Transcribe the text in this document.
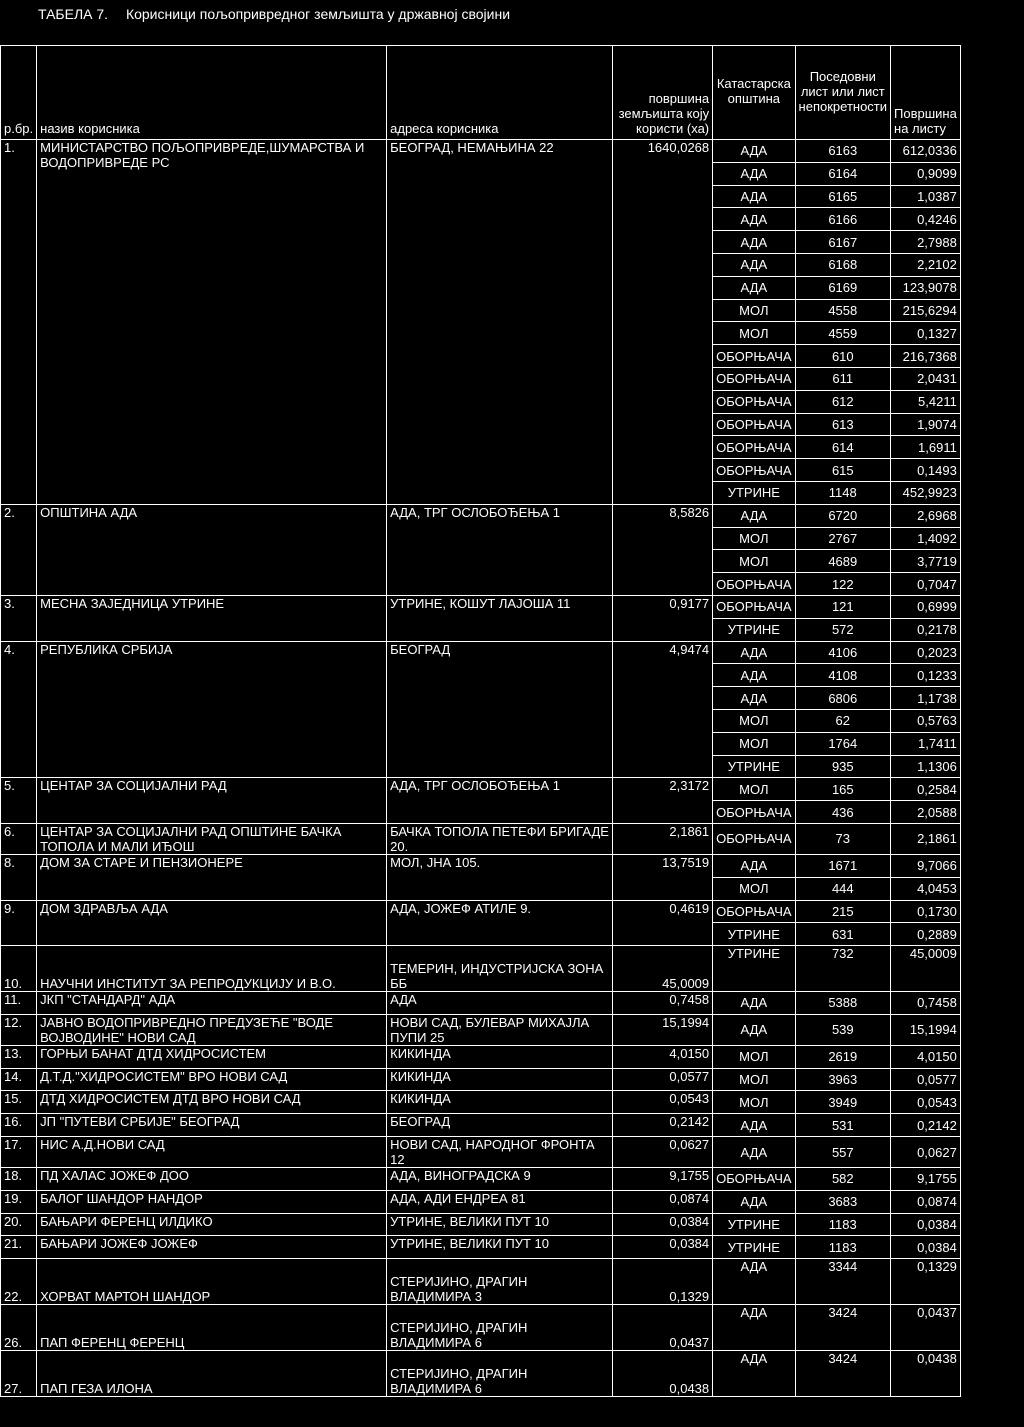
ТАБЕЛА 7. Корисници пољопривредног земљишта у државној својини
р.бр.	назив корисника	адреса корисника	површина земљишта коју користи (ха)	Катастарска општина	Поседовни лист или лист непокретности	Површина на листу
1.	МИНИСТАРСТВО ПОЉОПРИВРЕДЕ,ШУМАРСТВА И ВОДОПРИВРЕДЕ РС	БЕОГРАД, НЕМАЊИНА 22	1640,0268	АДА	6163	612,0336
				АДА	6164	0,9099
				АДА	6165	1,0387
				АДА	6166	0,4246
				АДА	6167	2,7988
				АДА	6168	2,2102
				АДА	6169	123,9078
				МОЛ	4558	215,6294
				МОЛ	4559	0,1327
				ОБОРЊАЧА	610	216,7368
				ОБОРЊАЧА	611	2,0431
				ОБОРЊАЧА	612	5,4211
				ОБОРЊАЧА	613	1,9074
				ОБОРЊАЧА	614	1,6911
				ОБОРЊАЧА	615	0,1493
				УТРИНЕ	1148	452,9923
2.	ОПШТИНА АДА	АДА, ТРГ ОСЛОБОЂЕЊА 1	8,5826	АДА	6720	2,6968
				МОЛ	2767	1,4092
				МОЛ	4689	3,7719
				ОБОРЊАЧА	122	0,7047
3.	МЕСНА ЗАЈЕДНИЦА УТРИНЕ	УТРИНЕ, КОШУТ ЛАЈОША 11	0,9177	ОБОРЊАЧА	121	0,6999
				УТРИНЕ	572	0,2178
4.	РЕПУБЛИКА СРБИЈА	БЕОГРАД	4,9474	АДА	4106	0,2023
				АДА	4108	0,1233
				АДА	6806	1,1738
				МОЛ	62	0,5763
				МОЛ	1764	1,7411
				УТРИНЕ	935	1,1306
5.	ЦЕНТАР ЗА СОЦИЈАЛНИ РАД	АДА, ТРГ ОСЛОБОЂЕЊА 1	2,3172	МОЛ	165	0,2584
				ОБОРЊАЧА	436	2,0588
6.	ЦЕНТАР ЗА СОЦИЈАЛНИ РАД ОПШТИНЕ БАЧКА ТОПОЛА И МАЛИ ИЂОШ	БАЧКА ТОПОЛА ПЕТЕФИ БРИГАДЕ 20.	2,1861	ОБОРЊАЧА	73	2,1861
8.	ДОМ ЗА СТАРЕ И ПЕНЗИОНЕРЕ	МОЛ, ЈНА 105.	13,7519	АДА	1671	9,7066
				МОЛ	444	4,0453
9.	ДОМ ЗДРАВЉА АДА	АДА, ЈОЖЕФ АТИЛЕ 9.	0,4619	ОБОРЊАЧА	215	0,1730
				УТРИНЕ	631	0,2889
10.	НАУЧНИ ИНСТИТУТ ЗА РЕПРОДУКЦИЈУ И В.О.	ТЕМЕРИН, ИНДУСТРИЈСКА ЗОНА ББ	45,0009	УТРИНЕ	732	45,0009
11.	ЈКП "СТАНДАРД" АДА	АДА	0,7458	АДА	5388	0,7458
12.	ЈАВНО ВОДОПРИВРЕДНО ПРЕДУЗЕЋЕ "ВОДЕ ВОЈВОДИНЕ" НОВИ САД	НОВИ САД, БУЛЕВАР МИХАЈЛА ПУПИ 25	15,1994	АДА	539	15,1994
13.	ГОРЊИ БАНАТ ДТД ХИДРОСИСТЕМ	КИКИНДА	4,0150	МОЛ	2619	4,0150
14.	Д.Т.Д."ХИДРОСИСТЕМ" ВРО НОВИ САД	КИКИНДА	0,0577	МОЛ	3963	0,0577
15.	ДТД ХИДРОСИСТЕМ ДТД ВРО НОВИ САД	КИКИНДА	0,0543	МОЛ	3949	0,0543
16.	ЈП "ПУТЕВИ СРБИЈЕ" БЕОГРАД	БЕОГРАД	0,2142	АДА	531	0,2142
17.	НИС А.Д.НОВИ САД	НОВИ САД, НАРОДНОГ ФРОНТА 12	0,0627	АДА	557	0,0627
18.	ПД ХАЛАС ЈОЖЕФ ДОО	АДА, ВИНОГРАДСКА 9	9,1755	ОБОРЊАЧА	582	9,1755
19.	БАЛОГ ШАНДОР НАНДОР	АДА, АДИ ЕНДРЕА 81	0,0874	АДА	3683	0,0874
20.	БАЊАРИ ФЕРЕНЦ ИЛДИКО	УТРИНЕ, ВЕЛИКИ ПУТ 10	0,0384	УТРИНЕ	1183	0,0384
21.	БАЊАРИ ЈОЖЕФ ЈОЖЕФ	УТРИНЕ, ВЕЛИКИ ПУТ 10	0,0384	УТРИНЕ	1183	0,0384
22.	ХОРВАТ МАРТОН ШАНДОР	СТЕРИЈИНО, ДРАГИН ВЛАДИМИРА 3	0,1329	АДА	3344	0,1329
26.	ПАП ФЕРЕНЦ ФЕРЕНЦ	СТЕРИЈИНО, ДРАГИН ВЛАДИМИРА 6	0,0437	АДА	3424	0,0437
27.	ПАП ГЕЗА ИЛОНА	СТЕРИЈИНО, ДРАГИН ВЛАДИМИРА 6	0,0438	АДА	3424	0,0438
